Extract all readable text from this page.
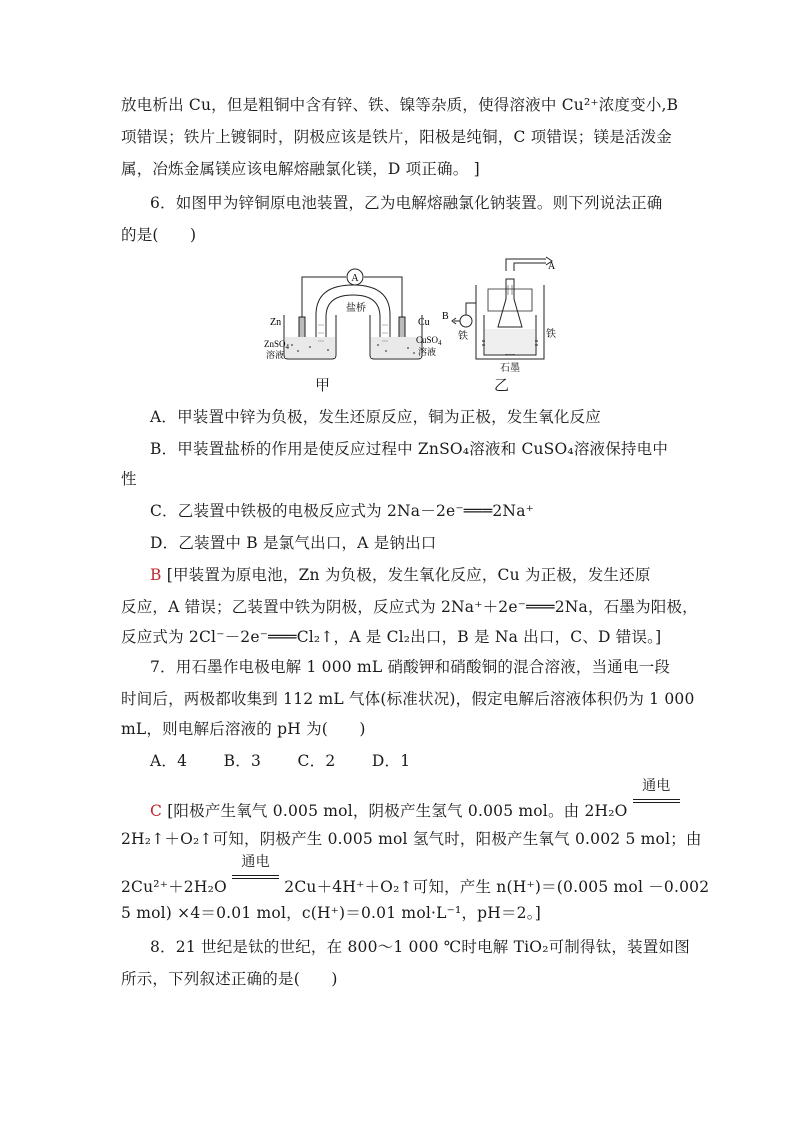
放电析出 Cu，但是粗铜中含有锌、铁、镍等杂质，使得溶液中 Cu²⁺浓度变小,B
项错误；铁片上镀铜时，阴极应该是铁片，阳极是纯铜，C 项错误；镁是活泼金
属，冶炼金属镁应该电解熔融氯化镁，D 项正确。 ]
6．如图甲为锌铜原电池装置，乙为电解熔融氯化钠装置。则下列说法正确
的是(　　)
A
盐桥
Zn	Cu
ZnSO$_4$
溶液
CuSO$_4$
溶液
A
B
铁	铁
石墨
甲	乙
A．甲装置中锌为负极，发生还原反应，铜为正极，发生氧化反应
B．甲装置盐桥的作用是使反应过程中 ZnSO₄溶液和 CuSO₄溶液保持电中
性
C．乙装置中铁极的电极反应式为 2Na－2e⁻═══2Na⁺
D．乙装置中 B 是氯气出口，A 是钠出口
B [甲装置为原电池，Zn 为负极，发生氧化反应，Cu 为正极，发生还原
反应，A 错误；乙装置中铁为阴极，反应式为 2Na⁺＋2e⁻═══2Na，石墨为阳极，
反应式为 2Cl⁻－2e⁻═══Cl₂↑，A 是 Cl₂出口，B 是 Na 出口，C、D 错误。]
7．用石墨作电极电解 1 000 mL 硝酸钾和硝酸铜的混合溶液，当通电一段
时间后，两极都收集到 112 mL 气体(标准状况)，假定电解后溶液体积仍为 1 000
mL，则电解后溶液的 pH 为(　　)
A．4　　 B．3　　 C．2　　 D．1
C [阳极产生氧气 0.005 mol，阴极产生氢气 0.005 mol。由 2H₂O
通电

2H₂↑＋O₂↑可知，阴极产生 0.005 mol 氢气时，阳极产生氧气 0.002 5 mol；由
2Cu²⁺＋2H₂O
通电

2Cu＋4H⁺＋O₂↑可知，产生 n(H⁺)＝(0.005 mol －0.002
5 mol) ×4＝0.01 mol，c(H⁺)＝0.01 mol·L⁻¹，pH＝2。]
8．21 世纪是钛的世纪，在 800～1 000 ℃时电解 TiO₂可制得钛，装置如图
所示，下列叙述正确的是(　　)
